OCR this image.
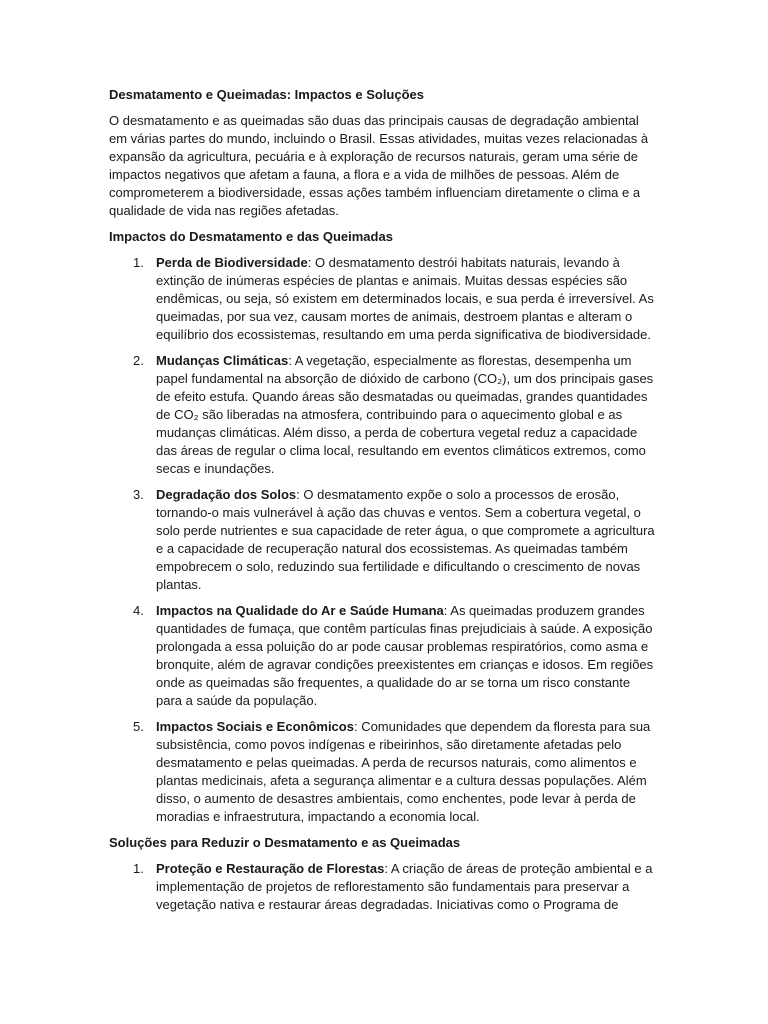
Desmatamento e Queimadas: Impactos e Soluções

O desmatamento e as queimadas são duas das principais causas de degradação ambiental em várias partes do mundo, incluindo o Brasil. Essas atividades, muitas vezes relacionadas à expansão da agricultura, pecuária e à exploração de recursos naturais, geram uma série de impactos negativos que afetam a fauna, a flora e a vida de milhões de pessoas. Além de comprometerem a biodiversidade, essas ações também influenciam diretamente o clima e a qualidade de vida nas regiões afetadas.

Impactos do Desmatamento e das Queimadas

1. Perda de Biodiversidade: O desmatamento destrói habitats naturais, levando à extinção de inúmeras espécies de plantas e animais. Muitas dessas espécies são endêmicas, ou seja, só existem em determinados locais, e sua perda é irreversível. As queimadas, por sua vez, causam mortes de animais, destroem plantas e alteram o equilíbrio dos ecossistemas, resultando em uma perda significativa de biodiversidade.
2. Mudanças Climáticas: A vegetação, especialmente as florestas, desempenha um papel fundamental na absorção de dióxido de carbono (CO₂), um dos principais gases de efeito estufa. Quando áreas são desmatadas ou queimadas, grandes quantidades de CO₂ são liberadas na atmosfera, contribuindo para o aquecimento global e as mudanças climáticas. Além disso, a perda de cobertura vegetal reduz a capacidade das áreas de regular o clima local, resultando em eventos climáticos extremos, como secas e inundações.
3. Degradação dos Solos: O desmatamento expõe o solo a processos de erosão, tornando-o mais vulnerável à ação das chuvas e ventos. Sem a cobertura vegetal, o solo perde nutrientes e sua capacidade de reter água, o que compromete a agricultura e a capacidade de recuperação natural dos ecossistemas. As queimadas também empobrecem o solo, reduzindo sua fertilidade e dificultando o crescimento de novas plantas.
4. Impactos na Qualidade do Ar e Saúde Humana: As queimadas produzem grandes quantidades de fumaça, que contêm partículas finas prejudiciais à saúde. A exposição prolongada a essa poluição do ar pode causar problemas respiratórios, como asma e bronquite, além de agravar condições preexistentes em crianças e idosos. Em regiões onde as queimadas são frequentes, a qualidade do ar se torna um risco constante para a saúde da população.
5. Impactos Sociais e Econômicos: Comunidades que dependem da floresta para sua subsistência, como povos indígenas e ribeirinhos, são diretamente afetadas pelo desmatamento e pelas queimadas. A perda de recursos naturais, como alimentos e plantas medicinais, afeta a segurança alimentar e a cultura dessas populações. Além disso, o aumento de desastres ambientais, como enchentes, pode levar à perda de moradias e infraestrutura, impactando a economia local.

Soluções para Reduzir o Desmatamento e as Queimadas

1. Proteção e Restauração de Florestas: A criação de áreas de proteção ambiental e a implementação de projetos de reflorestamento são fundamentais para preservar a vegetação nativa e restaurar áreas degradadas. Iniciativas como o Programa de
